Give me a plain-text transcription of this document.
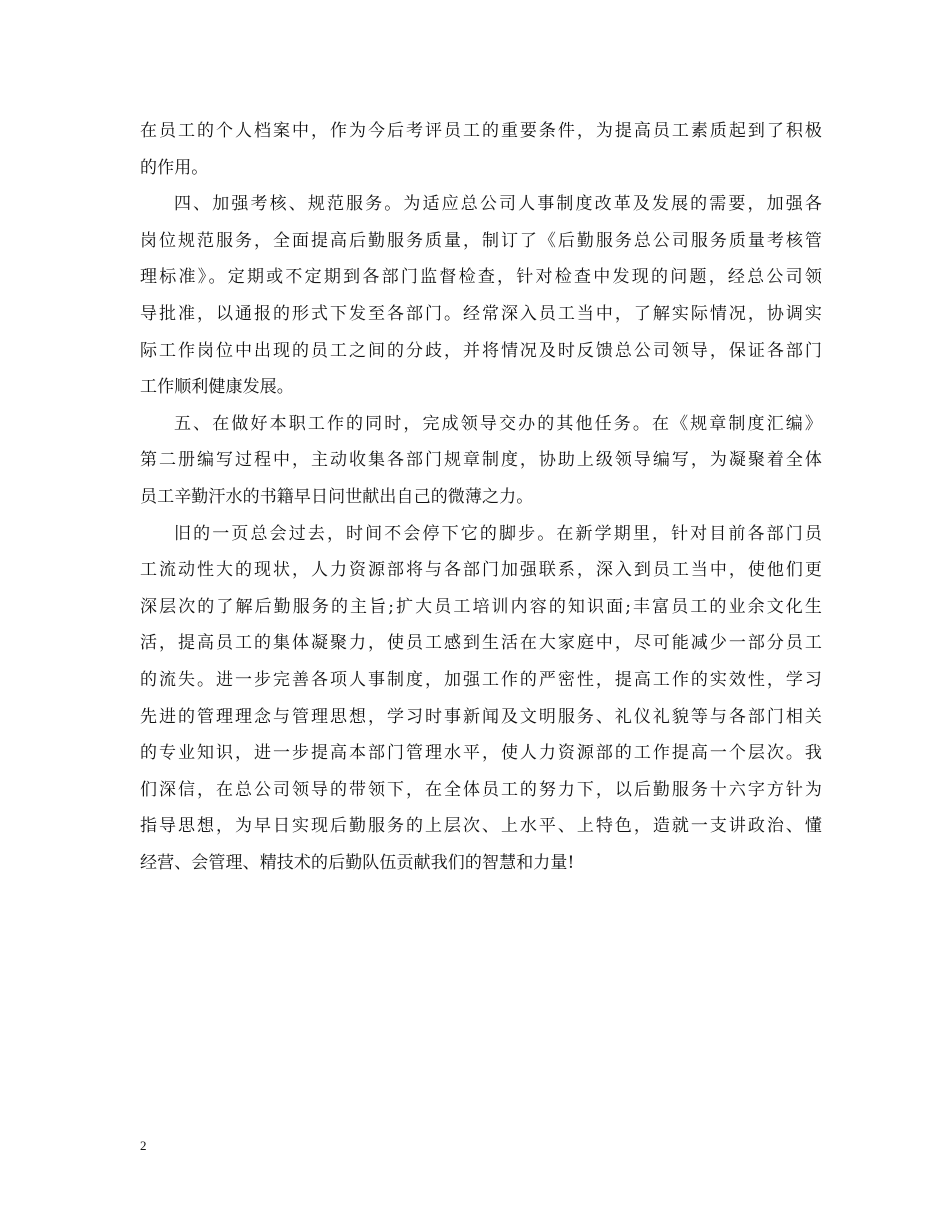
在员工的个人档案中，作为今后考评员工的重要条件，为提高员工素质起到了积极
的作用。
四、加强考核、规范服务。为适应总公司人事制度改革及发展的需要，加强各
岗位规范服务，全面提高后勤服务质量，制订了《后勤服务总公司服务质量考核管
理标准》。定期或不定期到各部门监督检查，针对检查中发现的问题，经总公司领
导批准，以通报的形式下发至各部门。经常深入员工当中，了解实际情况，协调实
际工作岗位中出现的员工之间的分歧，并将情况及时反馈总公司领导，保证各部门
工作顺利健康发展。
五、在做好本职工作的同时，完成领导交办的其他任务。在《规章制度汇编》
第二册编写过程中，主动收集各部门规章制度，协助上级领导编写，为凝聚着全体
员工辛勤汗水的书籍早日问世献出自己的微薄之力。
旧的一页总会过去，时间不会停下它的脚步。在新学期里，针对目前各部门员
工流动性大的现状，人力资源部将与各部门加强联系，深入到员工当中，使他们更
深层次的了解后勤服务的主旨;扩大员工培训内容的知识面;丰富员工的业余文化生
活，提高员工的集体凝聚力，使员工感到生活在大家庭中，尽可能减少一部分员工
的流失。进一步完善各项人事制度，加强工作的严密性，提高工作的实效性，学习
先进的管理理念与管理思想，学习时事新闻及文明服务、礼仪礼貌等与各部门相关
的专业知识，进一步提高本部门管理水平，使人力资源部的工作提高一个层次。我
们深信，在总公司领导的带领下，在全体员工的努力下，以后勤服务十六字方针为
指导思想，为早日实现后勤服务的上层次、上水平、上特色，造就一支讲政治、懂
经营、会管理、精技术的后勤队伍贡献我们的智慧和力量!
2
